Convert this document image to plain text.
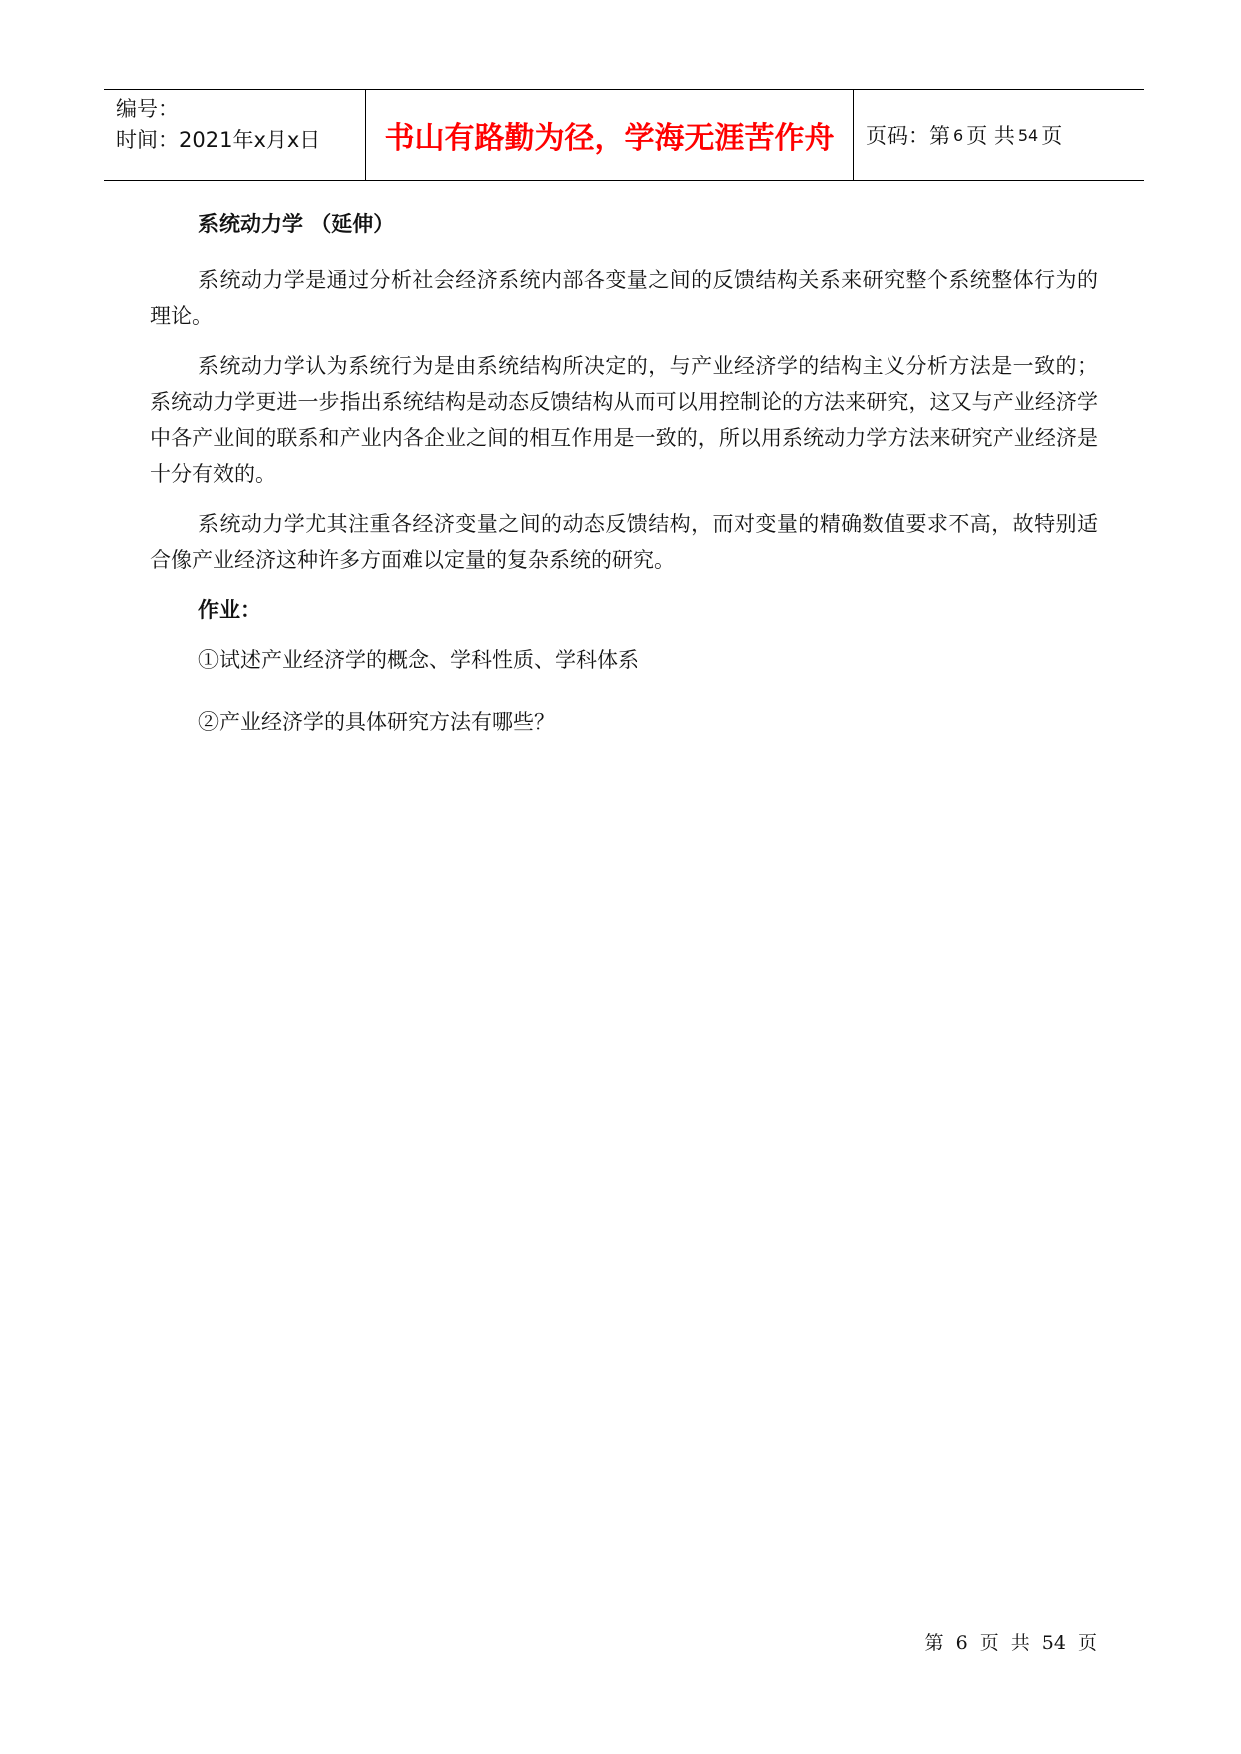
编号：
时间：2021年x月x日	书山有路勤为径，学海无涯苦作舟	页码：第 6 页 共 54 页
系统动力学 （延伸）

系统动力学是通过分析社会经济系统内部各变量之间的反馈结构关系来研究整个系统整体行为的理论。

系统动力学认为系统行为是由系统结构所决定的，与产业经济学的结构主义分析方法是一致的；系统动力学更进一步指出系统结构是动态反馈结构从而可以用控制论的方法来研究，这又与产业经济学中各产业间的联系和产业内各企业之间的相互作用是一致的，所以用系统动力学方法来研究产业经济是十分有效的。

系统动力学尤其注重各经济变量之间的动态反馈结构，而对变量的精确数值要求不高，故特别适合像产业经济这种许多方面难以定量的复杂系统的研究。

作业：
①试述产业经济学的概念、学科性质、学科体系
②产业经济学的具体研究方法有哪些？
第 6 页 共 54 页
